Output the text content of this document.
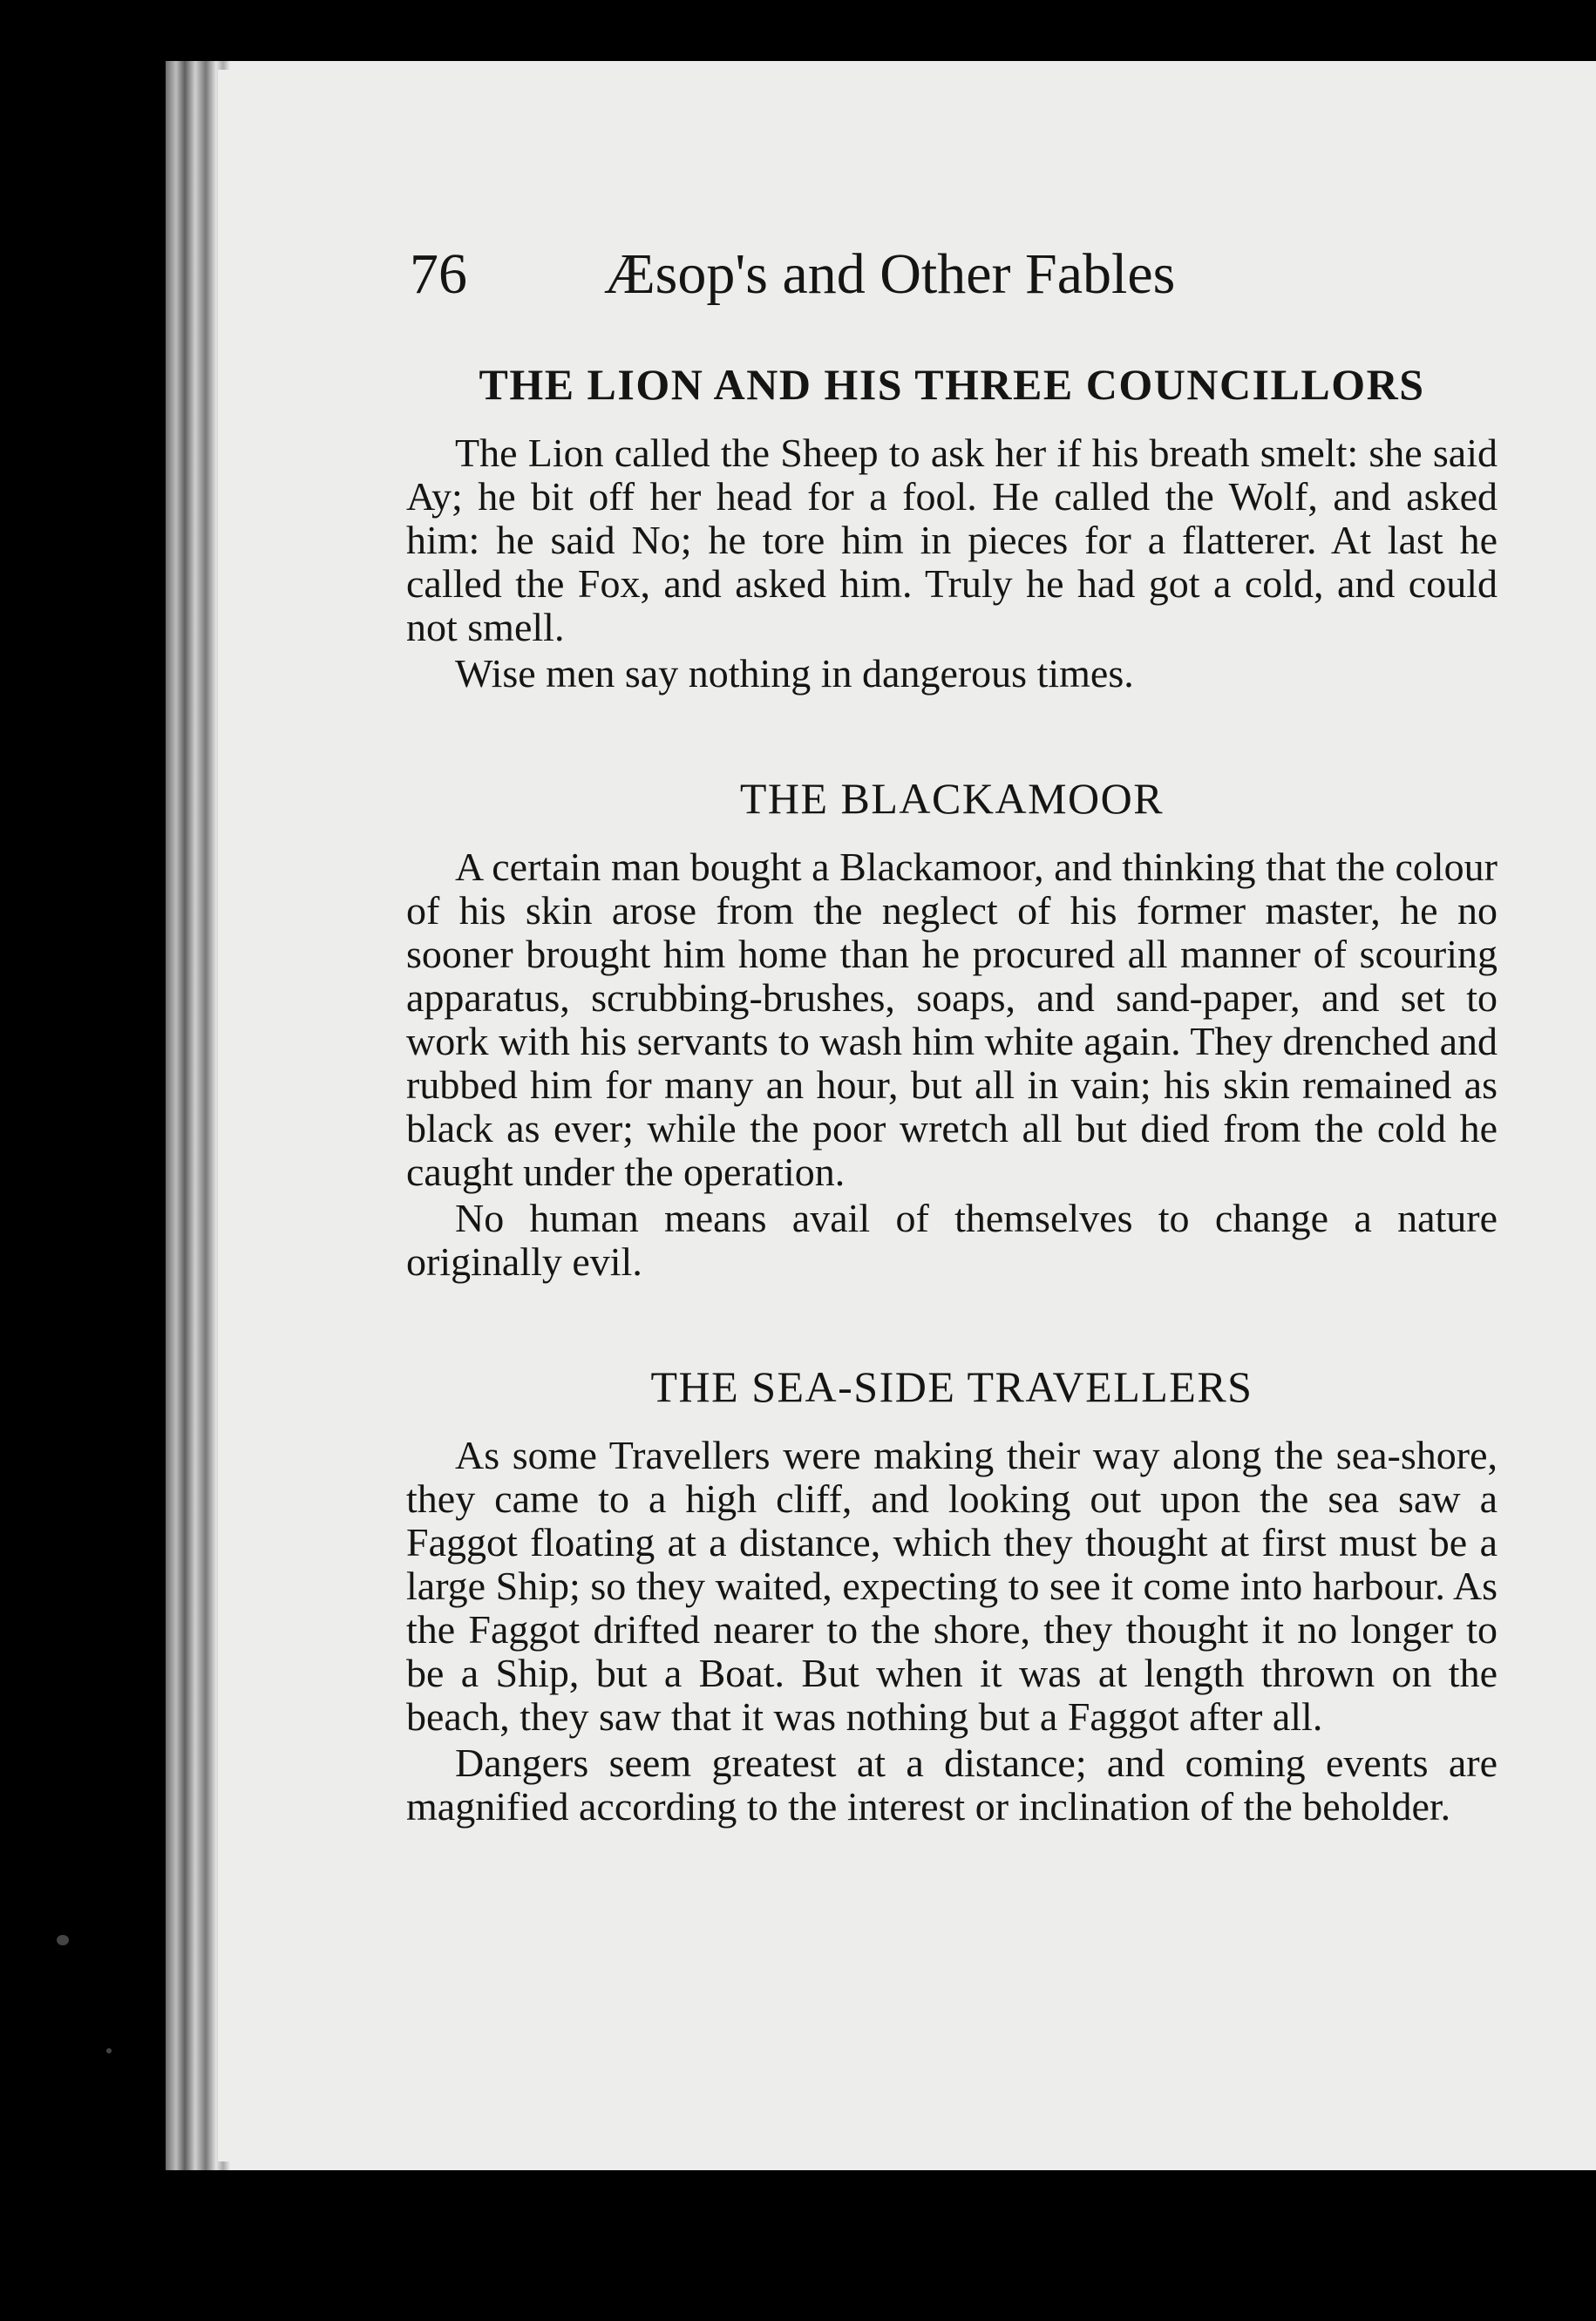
76 Æsop's and Other Fables
THE LION AND HIS THREE COUNCILLORS

The Lion called the Sheep to ask her if his breath smelt: she said Ay; he bit off her head for a fool. He called the Wolf, and asked him: he said No; he tore him in pieces for a flatterer. At last he called the Fox, and asked him. Truly he had got a cold, and could not smell.

Wise men say nothing in dangerous times.

THE BLACKAMOOR

A certain man bought a Blackamoor, and thinking that the colour of his skin arose from the neglect of his former master, he no sooner brought him home than he procured all manner of scouring apparatus, scrubbing-brushes, soaps, and sand-paper, and set to work with his servants to wash him white again. They drenched and rubbed him for many an hour, but all in vain; his skin remained as black as ever; while the poor wretch all but died from the cold he caught under the operation.

No human means avail of themselves to change a nature originally evil.

THE SEA-SIDE TRAVELLERS

As some Travellers were making their way along the sea-shore, they came to a high cliff, and looking out upon the sea saw a Faggot floating at a distance, which they thought at first must be a large Ship; so they waited, expecting to see it come into harbour. As the Faggot drifted nearer to the shore, they thought it no longer to be a Ship, but a Boat. But when it was at length thrown on the beach, they saw that it was nothing but a Faggot after all.

Dangers seem greatest at a distance; and coming events are magnified according to the interest or inclination of the beholder.
